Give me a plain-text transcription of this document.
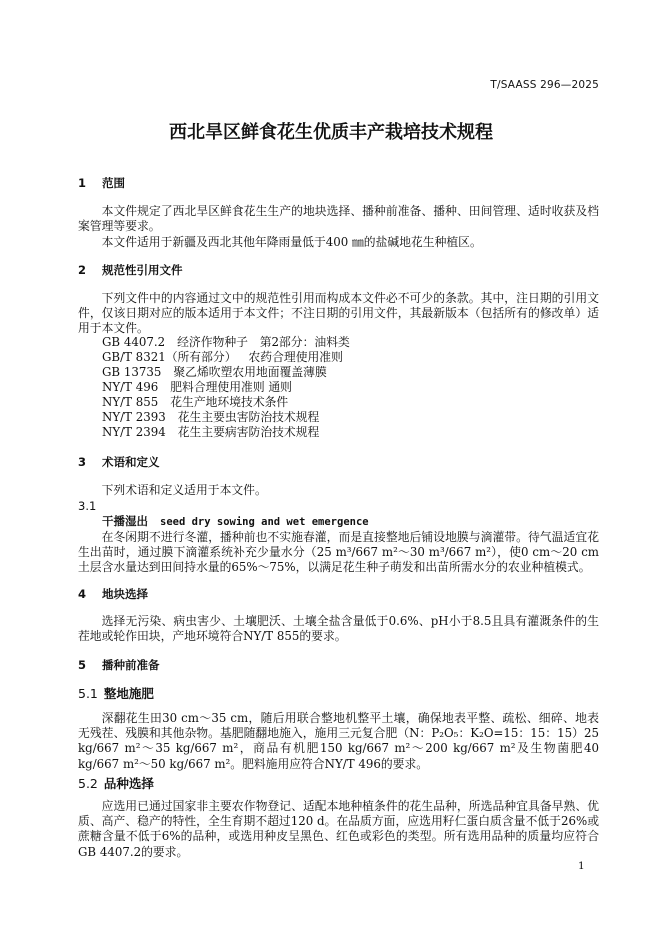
T/SAASS 296—2025
西北旱区鲜食花生优质丰产栽培技术规程
1 范围
本文件规定了西北旱区鲜食花生生产的地块选择、播种前准备、播种、田间管理、适时收获及档案管理等要求。
本文件适用于新疆及西北其他年降雨量低于400 ㎜的盐碱地花生种植区。
2 规范性引用文件
下列文件中的内容通过文中的规范性引用而构成本文件必不可少的条款。其中，注日期的引用文件，仅该日期对应的版本适用于本文件；不注日期的引用文件，其最新版本（包括所有的修改单）适用于本文件。
GB 4407.2 经济作物种子　第2部分：油料类
GB/T 8321（所有部分） 农药合理使用准则
GB 13735 聚乙烯吹塑农用地面覆盖薄膜
NY/T 496 肥料合理使用准则 通则
NY/T 855 花生产地环境技术条件
NY/T 2393 花生主要虫害防治技术规程
NY/T 2394 花生主要病害防治技术规程
3 术语和定义
下列术语和定义适用于本文件。
3.1
干播湿出 seed dry sowing and wet emergence
在冬闲期不进行冬灌，播种前也不实施春灌，而是直接整地后铺设地膜与滴灌带。待气温适宜花生出苗时，通过膜下滴灌系统补充少量水分（25 m³/667 m²～30 m³/667 m²），使0 cm～20 cm土层含水量达到田间持水量的65%～75%，以满足花生种子萌发和出苗所需水分的农业种植模式。
4 地块选择
选择无污染、病虫害少、土壤肥沃、土壤全盐含量低于0.6%、pH小于8.5且具有灌溉条件的生茬地或轮作田块，产地环境符合NY/T 855的要求。
5 播种前准备
5.1 整地施肥
深翻花生田30 cm～35 cm，随后用联合整地机整平土壤，确保地表平整、疏松、细碎、地表无残茬、残膜和其他杂物。基肥随翻地施入，施用三元复合肥（N：P₂O₅：K₂O=15：15：15）25 kg/667 m²～35 kg/667 m²，商品有机肥150 kg/667 m²～200 kg/667 m²及生物菌肥40 kg/667 m²～50 kg/667 m²。肥料施用应符合NY/T 496的要求。
5.2 品种选择
应选用已通过国家非主要农作物登记、适配本地种植条件的花生品种，所选品种宜具备早熟、优质、高产、稳产的特性，全生育期不超过120 d。在品质方面，应选用籽仁蛋白质含量不低于26%或蔗糖含量不低于6%的品种，或选用种皮呈黑色、红色或彩色的类型。所有选用品种的质量均应符合GB 4407.2的要求。
1
